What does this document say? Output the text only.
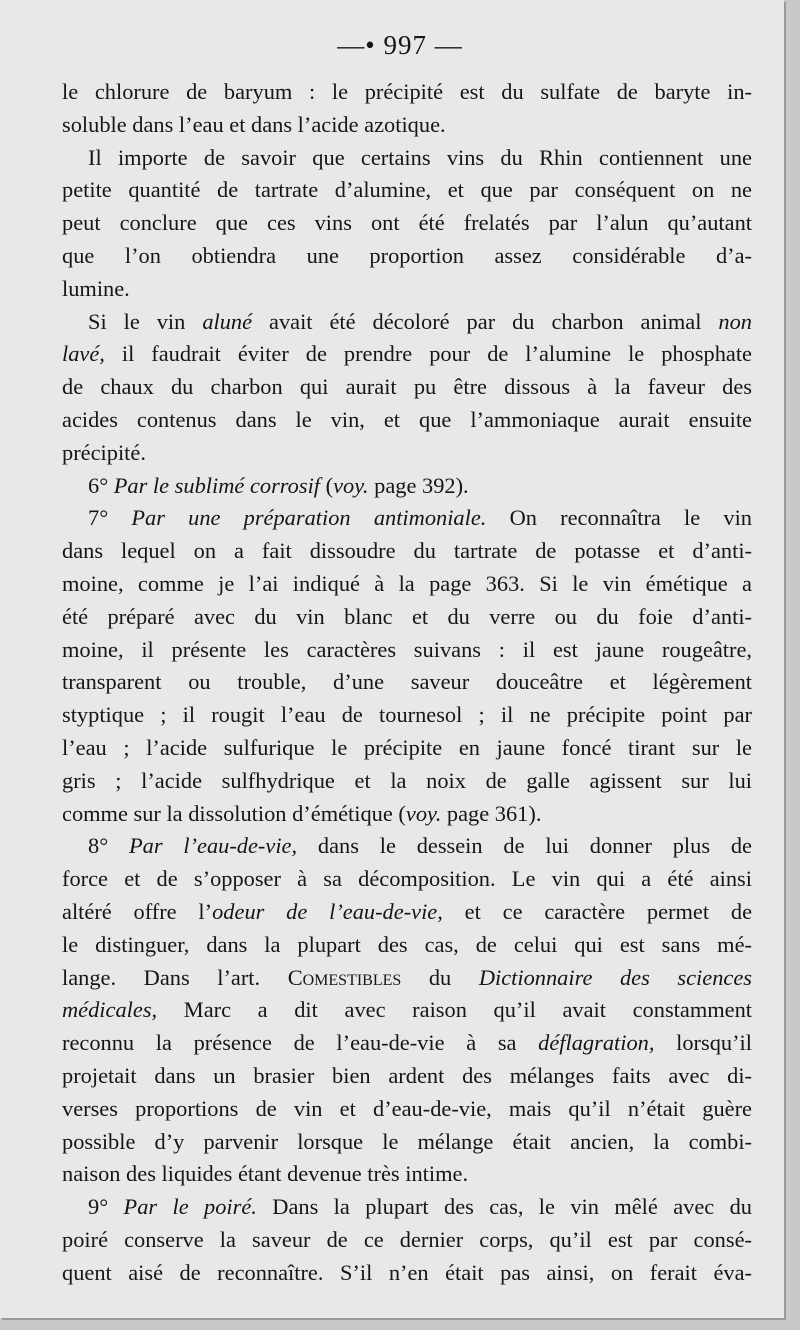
—• 997 —
le chlorure de baryum : le précipité est du sulfate de baryte in-
soluble dans l’eau et dans l’acide azotique.
Il importe de savoir que certains vins du Rhin contiennent une
petite quantité de tartrate d’alumine, et que par conséquent on ne
peut conclure que ces vins ont été frelatés par l’alun qu’autant
que l’on obtiendra une proportion assez considérable d’a-
lumine.
Si le vin aluné avait été décoloré par du charbon animal non
lavé, il faudrait éviter de prendre pour de l’alumine le phosphate
de chaux du charbon qui aurait pu être dissous à la faveur des
acides contenus dans le vin, et que l’ammoniaque aurait ensuite
précipité.
6° Par le sublimé corrosif (voy. page 392).
7° Par une préparation antimoniale. On reconnaîtra le vin
dans lequel on a fait dissoudre du tartrate de potasse et d’anti-
moine, comme je l’ai indiqué à la page 363. Si le vin émétique a
été préparé avec du vin blanc et du verre ou du foie d’anti-
moine, il présente les caractères suivans : il est jaune rougeâtre,
transparent ou trouble, d’une saveur douceâtre et légèrement
styptique ; il rougit l’eau de tournesol ; il ne précipite point par
l’eau ; l’acide sulfurique le précipite en jaune foncé tirant sur le
gris ; l’acide sulfhydrique et la noix de galle agissent sur lui
comme sur la dissolution d’émétique (voy. page 361).
8° Par l’eau-de-vie, dans le dessein de lui donner plus de
force et de s’opposer à sa décomposition. Le vin qui a été ainsi
altéré offre l’odeur de l’eau-de-vie, et ce caractère permet de
le distinguer, dans la plupart des cas, de celui qui est sans mé-
lange. Dans l’art. Comestibles du Dictionnaire des sciences
médicales, Marc a dit avec raison qu’il avait constamment
reconnu la présence de l’eau-de-vie à sa déflagration, lorsqu’il
projetait dans un brasier bien ardent des mélanges faits avec di-
verses proportions de vin et d’eau-de-vie, mais qu’il n’était guère
possible d’y parvenir lorsque le mélange était ancien, la combi-
naison des liquides étant devenue très intime.
9° Par le poiré. Dans la plupart des cas, le vin mêlé avec du
poiré conserve la saveur de ce dernier corps, qu’il est par consé-
quent aisé de reconnaître. S’il n’en était pas ainsi, on ferait éva-
